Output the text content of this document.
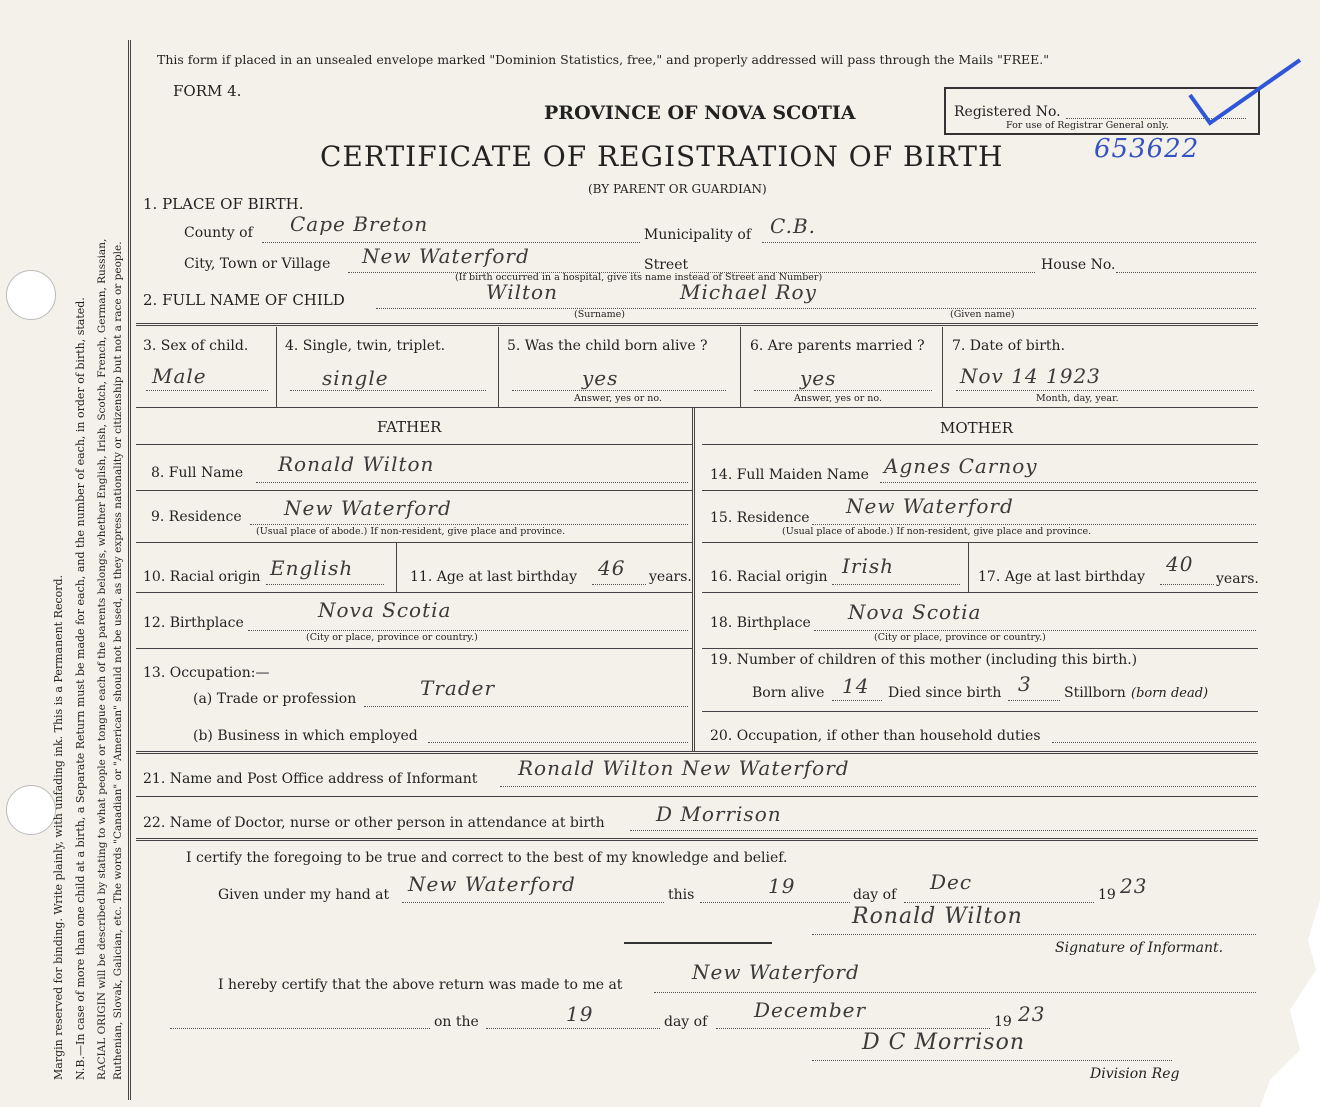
Margin reserved for binding. Write plainly, with unfading ink. This is a Permanent Record. N.B.—In case of more than one child at a birth, a Separate Return must be made for each, and the number of each, in order of birth, stated. RACIAL ORIGIN will be described by stating to what people or tongue each of the parents belongs, whether English, Irish, Scotch, French, German, Russian, Ruthenian, Slovak, Galician, etc. The words "Canadian" or "American" should not be used, as they express nationality or citizenship but not a race or people.
This form if placed in an unsealed envelope marked "Dominion Statistics, free," and properly addressed will pass through the Mails "FREE."
FORM 4.
PROVINCE OF NOVA SCOTIA
CERTIFICATE OF REGISTRATION OF BIRTH
(BY PARENT OR GUARDIAN)
Registered No.
For use of Registrar General only.
653622
1. PLACE OF BIRTH.
County of Cape Breton	Municipality of C.B.
City, Town or Village New Waterford	Street	House No.
(If birth occurred in a hospital, give its name instead of Street and Number)
2. FULL NAME OF CHILD	Wilton	Michael Roy
(Surname)	(Given name)
3. Sex of child.
Male
4. Single, twin, triplet.
single
5. Was the child born alive ?
yes
Answer, yes or no.
6. Are parents married ?
yes
Answer, yes or no.
7. Date of birth.
Nov 14 1923
Month, day, year.
FATHER	MOTHER
8. Full Name Ronald Wilton
9. Residence New Waterford
(Usual place of abode.) If non-resident, give place and province.
10. Racial origin English	11. Age at last birthday 46 years.
12. Birthplace
Nova Scotia
(City or place, province or country.)
13. Occupation:—
(a) Trade or profession	Trader
(b) Business in which employed
14. Full Maiden Name Agnes Carnoy
15. Residence New Waterford
(Usual place of abode.) If non-resident, give place and province.
16. Racial origin Irish	17. Age at last birthday
40
years.
18. Birthplace Nova Scotia
(City or place, province or country.)
19. Number of children of this mother (including this birth.)
Born alive 14 Died since birth 3 Stillborn (born dead)
20. Occupation, if other than household duties
21. Name and Post Office address of Informant Ronald Wilton New Waterford
22. Name of Doctor, nurse or other person in attendance at birth	D Morrison
I certify the foregoing to be true and correct to the best of my knowledge and belief.
Given under my hand at New Waterford	this	19	day of
Dec
19 23
Ronald Wilton
Signature of Informant.
I hereby certify that the above return was made to me at
New Waterford
on the	19	day of December	19 23
D C Morrison
Division Reg
